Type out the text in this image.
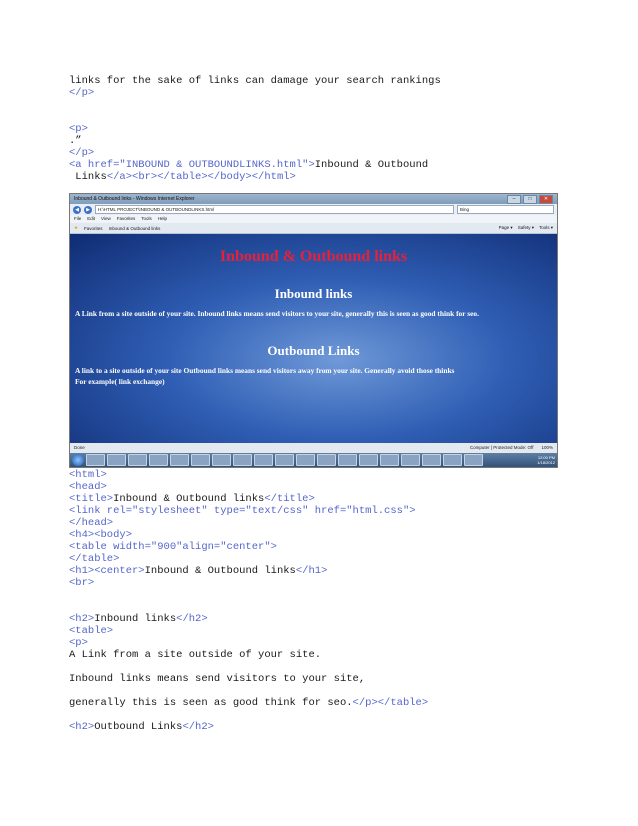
links for the sake of links can damage your search rankings
</p>
<p>
.”
</p>
<a href="INBOUND & OUTBOUNDLINKS.html">Inbound & Outbound
Links</a><br></table></body></html>
Inbound & Outbound links - Windows Internet Explorer	–	□	✕
◀	▶	H:\HTML PROJECT\INBOUND & OUTBOUNDLINKS.html	Bing
File Edit View Favorites Tools Help
★ Favorites Inbound & Outbound links	Page ▾ Safety ▾ Tools ▾
Inbound & Outbound links
Inbound links
A Link from a site outside of your site. Inbound links means send visitors to your site, generally this is seen as good think for seo.
Outbound Links
A link to a site outside of your site Outbound links means send visitors away from your site. Generally avoid those thinks
For example( link exchange)
Done	Computer | Protected Mode: Off 100%
12:00 PM
1/18/2012
<html>
<head>
<title>Inbound & Outbound links</title>
<link rel="stylesheet" type="text/css" href="html.css">
</head>
<h4><body>
<table width="900"align="center">
</table>
<h1><center>Inbound & Outbound links</h1>
<br>
<h2>Inbound links</h2>
<table>
<p>
A Link from a site outside of your site.
Inbound links means send visitors to your site,
generally this is seen as good think for seo.</p></table>
<h2>Outbound Links</h2>
